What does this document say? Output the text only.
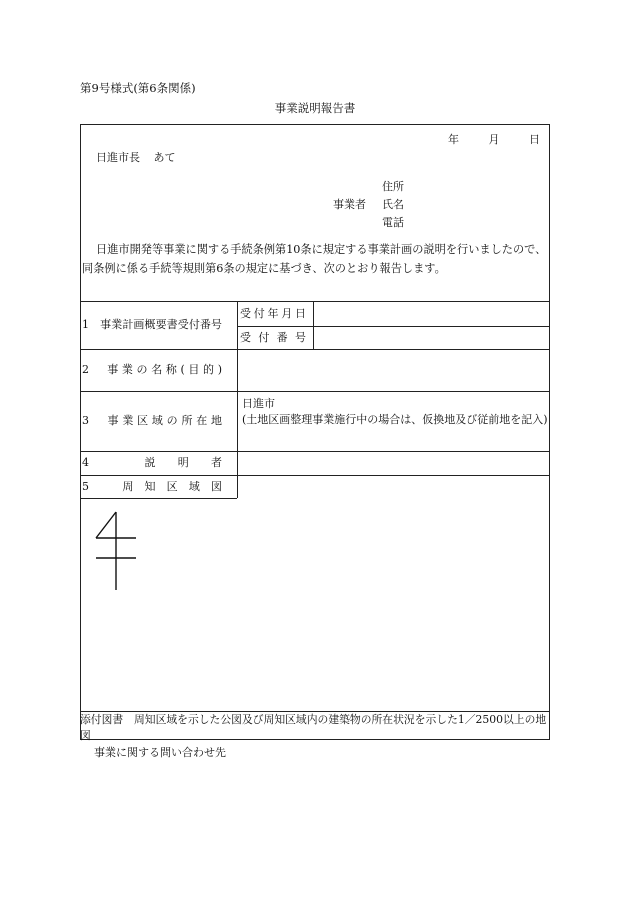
第9号様式(第6条関係)
事業説明報告書
年	月	日
日進市長 あて
住所
事業者 氏名
電話
日進市開発等事業に関する手続条例第10条に規定する事業計画の説明を行いましたので、同条例に係る手続等規則第6条の規定に基づき、次のとおり報告します。
1　事業計画概要書受付番号
受付年月日
受付番号
2　事業の名称(目的)
3　事業区域の所在地
日進市
(土地区画整理事業施行中の場合は、仮換地及び従前地を記入)
4　説明者
5　周知区域図
添付図書　周知区域を示した公図及び周知区域内の建築物の所在状況を示した1／2500以上の地図
事業に関する問い合わせ先
